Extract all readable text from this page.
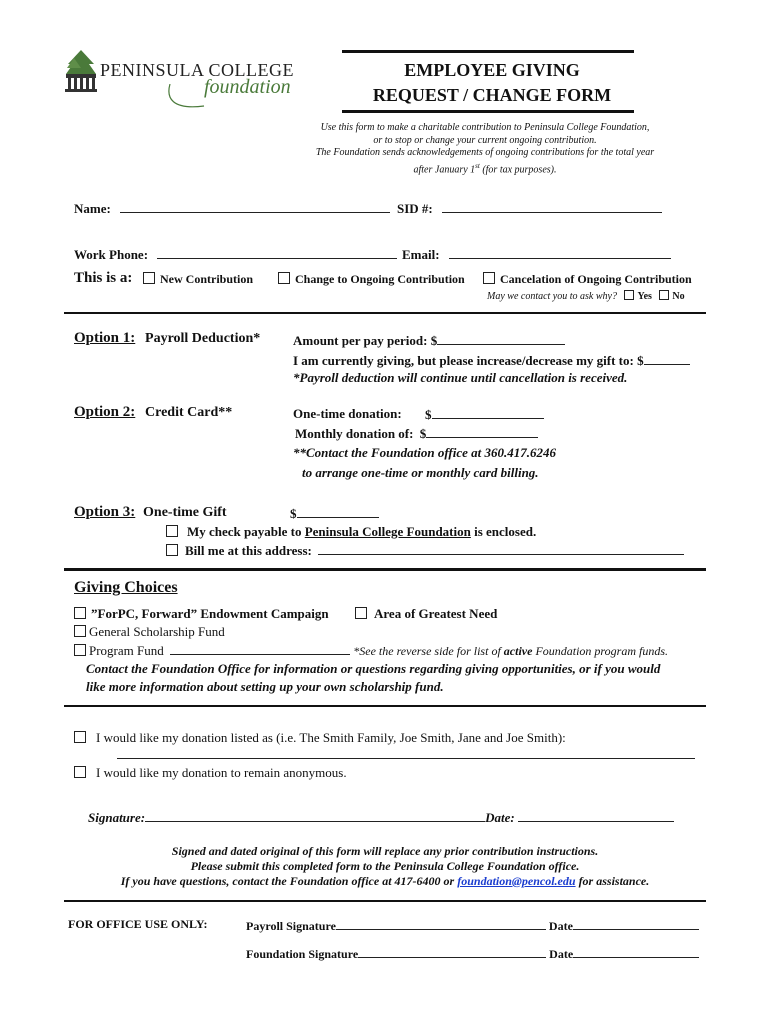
PENINSULA COLLEGE
foundation
EMPLOYEE GIVING
REQUEST / CHANGE FORM
Use this form to make a charitable contribution to Peninsula College Foundation,
or to stop or change your current ongoing contribution.
The Foundation sends acknowledgements of ongoing contributions for the total year
after January 1st (for tax purposes).
Name:	SID #:
Work Phone:	Email:
This is a:	New Contribution	Change to Ongoing Contribution	Cancelation of Ongoing Contribution
May we contact you to ask why? Yes No
Option 1: Payroll Deduction*	Amount per pay period: $
I am currently giving, but please increase/decrease my gift to: $
*Payroll deduction will continue until cancellation is received.
Option 2: Credit Card**	One-time donation: $
Monthly donation of: $
**Contact the Foundation office at 360.417.6246
to arrange one-time or monthly card billing.
Option 3: One-time Gift	$
My check payable to Peninsula College Foundation is enclosed.
Bill me at this address:
Giving Choices
”ForPC, Forward” Endowment Campaign	Area of Greatest Need
General Scholarship Fund
Program Fund	*See the reverse side for list of active Foundation program funds.
Contact the Foundation Office for information or questions regarding giving opportunities, or if you would
like more information about setting up your own scholarship fund.
I would like my donation listed as (i.e. The Smith Family, Joe Smith, Jane and Joe Smith):
I would like my donation to remain anonymous.
Signature:	Date:
Signed and dated original of this form will replace any prior contribution instructions.
Please submit this completed form to the Peninsula College Foundation office.
If you have questions, contact the Foundation office at 417-6400 or foundation@pencol.edu for assistance.
FOR OFFICE USE ONLY:	Payroll Signature	Date
Foundation Signature	Date
